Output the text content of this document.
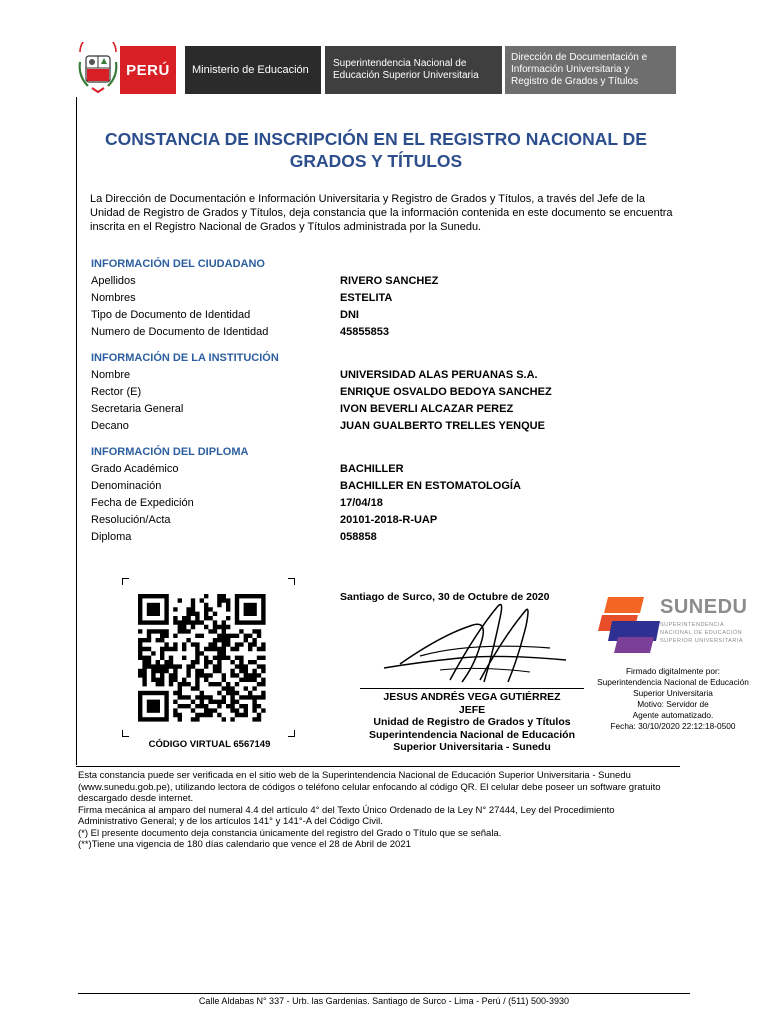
PERÚ Ministerio de Educación
Superintendencia Nacional de
Educación Superior Universitaria
Dirección de Documentación e
Información Universitaria y
Registro de Grados y Títulos
CONSTANCIA DE INSCRIPCIÓN EN EL REGISTRO NACIONAL DE
GRADOS Y TÍTULOS
La Dirección de Documentación e Información Universitaria y Registro de Grados y Títulos, a través del Jefe de la Unidad de Registro de Grados y Títulos, deja constancia que la información contenida en este documento se encuentra inscrita en el Registro Nacional de Grados y Títulos administrada por la Sunedu.
INFORMACIÓN DEL CIUDADANO
Apellidos	RIVERO SANCHEZ
Nombres	ESTELITA
Tipo de Documento de Identidad	DNI
Numero de Documento de Identidad	45855853
INFORMACIÓN DE LA INSTITUCIÓN
Nombre	UNIVERSIDAD ALAS PERUANAS S.A.
Rector (E)	ENRIQUE OSVALDO BEDOYA SANCHEZ
Secretaria General	IVON BEVERLI ALCAZAR PEREZ
Decano	JUAN GUALBERTO TRELLES YENQUE
INFORMACIÓN DEL DIPLOMA
Grado Académico	BACHILLER
Denominación	BACHILLER EN ESTOMATOLOGÍA
Fecha de Expedición	17/04/18
Resolución/Acta	20101-2018-R-UAP
Diploma	058858
CÓDIGO VIRTUAL 6567149
Santiago de Surco, 30 de Octubre de 2020
JESUS ANDRÉS VEGA GUTIÉRREZ
JEFE
Unidad de Registro de Grados y Títulos
Superintendencia Nacional de Educación
Superior Universitaria - Sunedu
SUNEDU
SUPERINTENDENCIA
NACIONAL DE EDUCACIÓN
SUPERIOR UNIVERSITARIA
Firmado digitalmente por:
Superintendencia Nacional de Educación
Superior Universitaria
Motivo: Servidor de
Agente automatizado.
Fecha: 30/10/2020 22:12:18-0500
Esta constancia puede ser verificada en el sitio web de la Superintendencia Nacional de Educación Superior Universitaria - Sunedu
(www.sunedu.gob.pe), utilizando lectora de códigos o teléfono celular enfocando al código QR. El celular debe poseer un software gratuito
descargado desde internet.
Firma mecánica al amparo del numeral 4.4 del artículo 4° del Texto Único Ordenado de la Ley N° 27444, Ley del Procedimiento
Administrativo General; y de los artículos 141° y 141°-A del Código Civil.
(*) El presente documento deja constancia únicamente del registro del Grado o Título que se señala.
(**)Tiene una vigencia de 180 días calendario que vence el 28 de Abril de 2021
Calle Aldabas N° 337 - Urb. las Gardenias. Santiago de Surco - Lima - Perú / (511) 500-3930
